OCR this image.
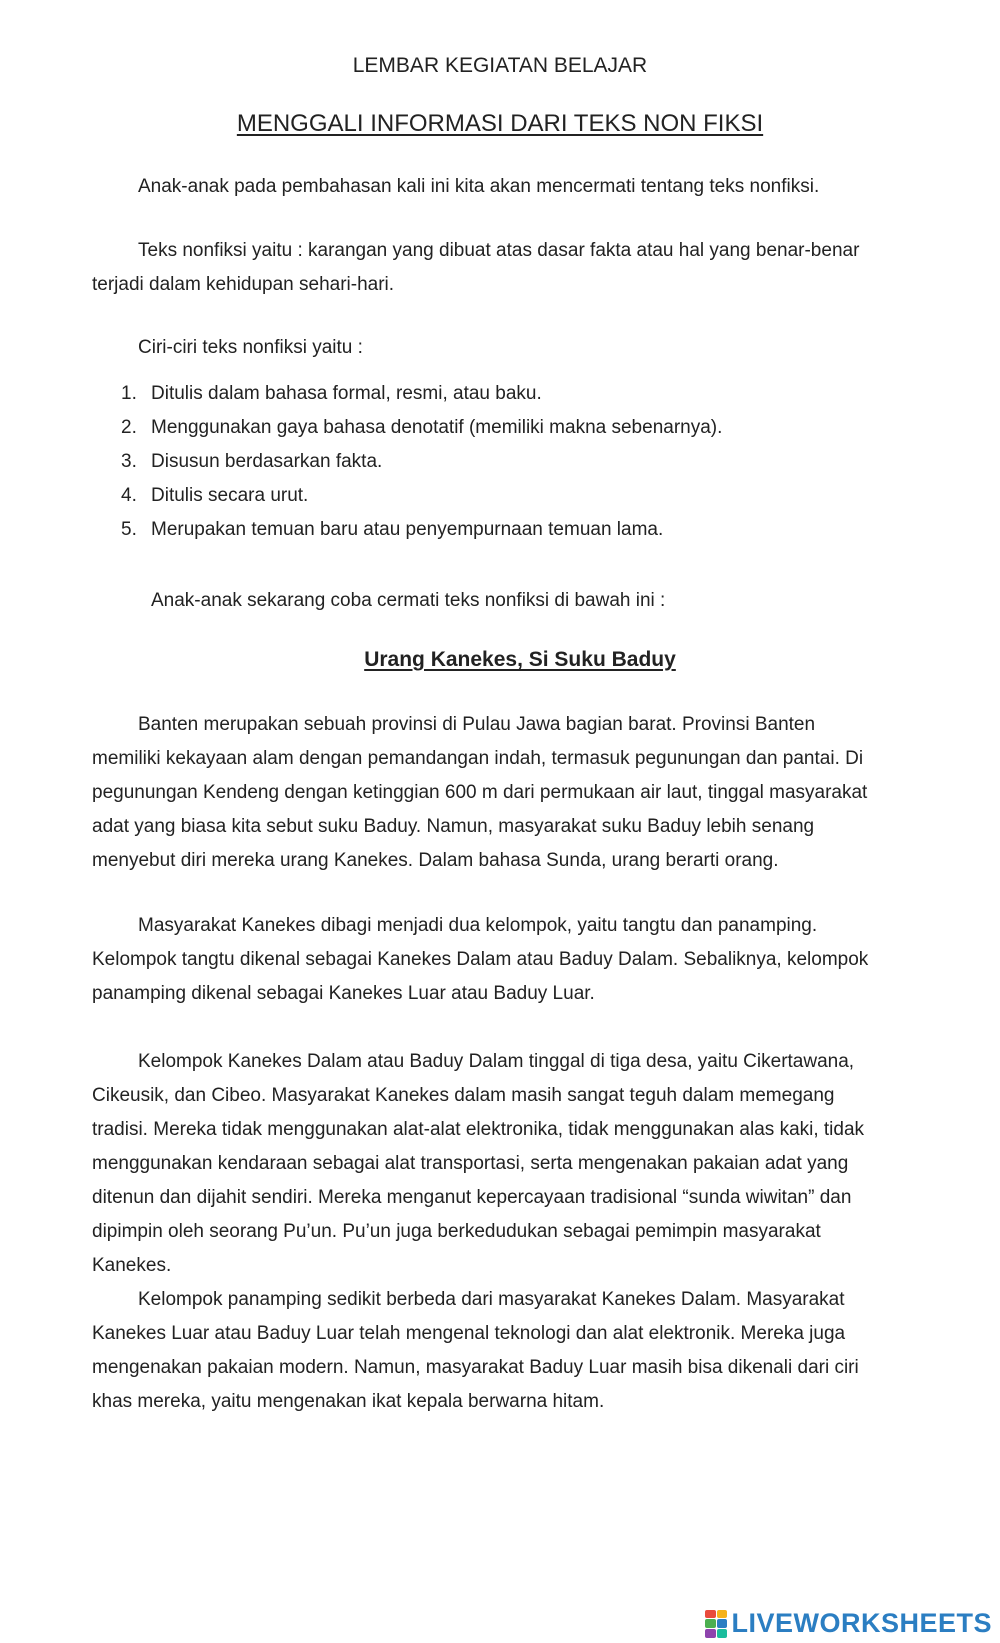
LEMBAR KEGIATAN BELAJAR
MENGGALI INFORMASI DARI TEKS NON FIKSI
Anak-anak pada pembahasan kali ini kita akan mencermati tentang teks nonfiksi.
Teks nonfiksi yaitu : karangan yang dibuat atas dasar fakta atau hal yang benar-benar
terjadi dalam kehidupan sehari-hari.
Ciri-ciri teks nonfiksi yaitu :
1. Ditulis dalam bahasa formal, resmi, atau baku.
2. Menggunakan gaya bahasa denotatif (memiliki makna sebenarnya).
3. Disusun berdasarkan fakta.
4. Ditulis secara urut.
5. Merupakan temuan baru atau penyempurnaan temuan lama.
Anak-anak sekarang coba cermati teks nonfiksi di bawah ini :
Urang Kanekes, Si Suku Baduy
Banten merupakan sebuah provinsi di Pulau Jawa bagian barat. Provinsi Banten
memiliki kekayaan alam dengan pemandangan indah, termasuk pegunungan dan pantai. Di
pegunungan Kendeng dengan ketinggian 600 m dari permukaan air laut, tinggal masyarakat
adat yang biasa kita sebut suku Baduy. Namun, masyarakat suku Baduy lebih senang
menyebut diri mereka urang Kanekes. Dalam bahasa Sunda, urang berarti orang.
Masyarakat Kanekes dibagi menjadi dua kelompok, yaitu tangtu dan panamping.
Kelompok tangtu dikenal sebagai Kanekes Dalam atau Baduy Dalam. Sebaliknya, kelompok
panamping dikenal sebagai Kanekes Luar atau Baduy Luar.
Kelompok Kanekes Dalam atau Baduy Dalam tinggal di tiga desa, yaitu Cikertawana,
Cikeusik, dan Cibeo. Masyarakat Kanekes dalam masih sangat teguh dalam memegang
tradisi. Mereka tidak menggunakan alat-alat elektronika, tidak menggunakan alas kaki, tidak
menggunakan kendaraan sebagai alat transportasi, serta mengenakan pakaian adat yang
ditenun dan dijahit sendiri. Mereka menganut kepercayaan tradisional “sunda wiwitan” dan
dipimpin oleh seorang Pu’un. Pu’un juga berkedudukan sebagai pemimpin masyarakat
Kanekes.
Kelompok panamping sedikit berbeda dari masyarakat Kanekes Dalam. Masyarakat
Kanekes Luar atau Baduy Luar telah mengenal teknologi dan alat elektronik. Mereka juga
mengenakan pakaian modern. Namun, masyarakat Baduy Luar masih bisa dikenali dari ciri
khas mereka, yaitu mengenakan ikat kepala berwarna hitam.
LIVEWORKSHEETS
